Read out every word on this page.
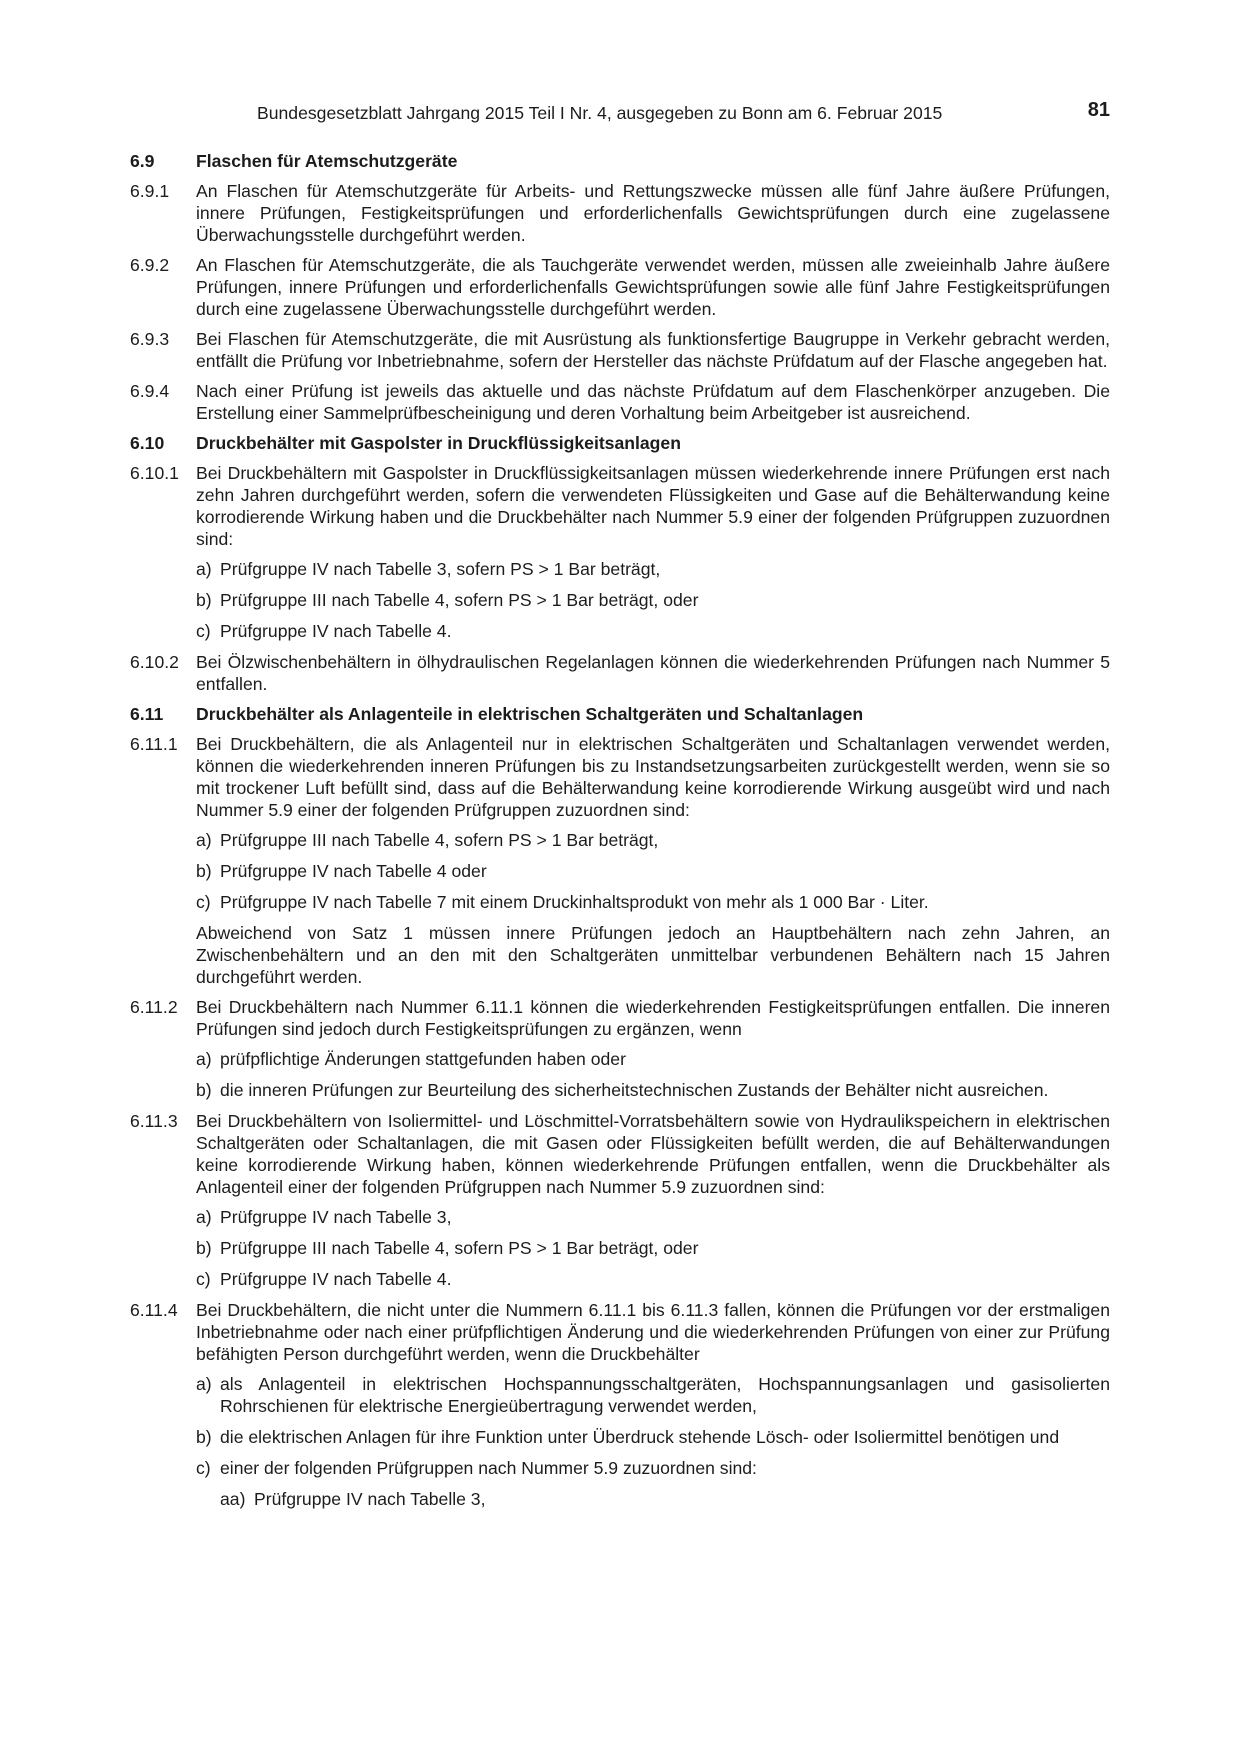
Bundesgesetzblatt Jahrgang 2015 Teil I Nr. 4, ausgegeben zu Bonn am 6. Februar 2015	81
6.9	Flaschen für Atemschutzgeräte
6.9.1	An Flaschen für Atemschutzgeräte für Arbeits- und Rettungszwecke müssen alle fünf Jahre äußere Prüfungen, innere Prüfungen, Festigkeitsprüfungen und erforderlichenfalls Gewichtsprüfungen durch eine zugelassene Überwachungsstelle durchgeführt werden.
6.9.2	An Flaschen für Atemschutzgeräte, die als Tauchgeräte verwendet werden, müssen alle zweieinhalb Jahre äußere Prüfungen, innere Prüfungen und erforderlichenfalls Gewichtsprüfungen sowie alle fünf Jahre Festigkeitsprüfungen durch eine zugelassene Überwachungsstelle durchgeführt werden.
6.9.3	Bei Flaschen für Atemschutzgeräte, die mit Ausrüstung als funktionsfertige Baugruppe in Verkehr gebracht werden, entfällt die Prüfung vor Inbetriebnahme, sofern der Hersteller das nächste Prüfdatum auf der Flasche angegeben hat.
6.9.4	Nach einer Prüfung ist jeweils das aktuelle und das nächste Prüfdatum auf dem Flaschenkörper anzugeben. Die Erstellung einer Sammelprüfbescheinigung und deren Vorhaltung beim Arbeitgeber ist ausreichend.
6.10	Druckbehälter mit Gaspolster in Druckflüssigkeitsanlagen
6.10.1 Bei Druckbehältern mit Gaspolster in Druckflüssigkeitsanlagen müssen wiederkehrende innere Prüfungen erst nach zehn Jahren durchgeführt werden, sofern die verwendeten Flüssigkeiten und Gase auf die Behälterwandung keine korrodierende Wirkung haben und die Druckbehälter nach Nummer 5.9 einer der folgenden Prüfgruppen zuzuordnen sind:
a) Prüfgruppe IV nach Tabelle 3, sofern PS > 1 Bar beträgt,
b) Prüfgruppe III nach Tabelle 4, sofern PS > 1 Bar beträgt, oder
c) Prüfgruppe IV nach Tabelle 4.
6.10.2 Bei Ölzwischenbehältern in ölhydraulischen Regelanlagen können die wiederkehrenden Prüfungen nach Nummer 5 entfallen.
6.11	Druckbehälter als Anlagenteile in elektrischen Schaltgeräten und Schaltanlagen
6.11.1	Bei Druckbehältern, die als Anlagenteil nur in elektrischen Schaltgeräten und Schaltanlagen verwendet werden, können die wiederkehrenden inneren Prüfungen bis zu Instandsetzungsarbeiten zurückgestellt werden, wenn sie so mit trockener Luft befüllt sind, dass auf die Behälterwandung keine korrodierende Wirkung ausgeübt wird und nach Nummer 5.9 einer der folgenden Prüfgruppen zuzuordnen sind:
a) Prüfgruppe III nach Tabelle 4, sofern PS > 1 Bar beträgt,
b) Prüfgruppe IV nach Tabelle 4 oder
c) Prüfgruppe IV nach Tabelle 7 mit einem Druckinhaltsprodukt von mehr als 1 000 Bar · Liter.
Abweichend von Satz 1 müssen innere Prüfungen jedoch an Hauptbehältern nach zehn Jahren, an Zwischenbehältern und an den mit den Schaltgeräten unmittelbar verbundenen Behältern nach 15 Jahren durchgeführt werden.
6.11.2	Bei Druckbehältern nach Nummer 6.11.1 können die wiederkehrenden Festigkeitsprüfungen entfallen. Die inneren Prüfungen sind jedoch durch Festigkeitsprüfungen zu ergänzen, wenn
a) prüfpflichtige Änderungen stattgefunden haben oder
b) die inneren Prüfungen zur Beurteilung des sicherheitstechnischen Zustands der Behälter nicht ausreichen.
6.11.3	Bei Druckbehältern von Isoliermittel- und Löschmittel-Vorratsbehältern sowie von Hydraulikspeichern in elektrischen Schaltgeräten oder Schaltanlagen, die mit Gasen oder Flüssigkeiten befüllt werden, die auf Behälterwandungen keine korrodierende Wirkung haben, können wiederkehrende Prüfungen entfallen, wenn die Druckbehälter als Anlagenteil einer der folgenden Prüfgruppen nach Nummer 5.9 zuzuordnen sind:
a) Prüfgruppe IV nach Tabelle 3,
b) Prüfgruppe III nach Tabelle 4, sofern PS > 1 Bar beträgt, oder
c) Prüfgruppe IV nach Tabelle 4.
6.11.4	Bei Druckbehältern, die nicht unter die Nummern 6.11.1 bis 6.11.3 fallen, können die Prüfungen vor der erstmaligen Inbetriebnahme oder nach einer prüfpflichtigen Änderung und die wiederkehrenden Prüfungen von einer zur Prüfung befähigten Person durchgeführt werden, wenn die Druckbehälter
a) als Anlagenteil in elektrischen Hochspannungsschaltgeräten, Hochspannungsanlagen und gasisolierten Rohrschienen für elektrische Energieübertragung verwendet werden,
b) die elektrischen Anlagen für ihre Funktion unter Überdruck stehende Lösch- oder Isoliermittel benötigen und
c) einer der folgenden Prüfgruppen nach Nummer 5.9 zuzuordnen sind:
aa) Prüfgruppe IV nach Tabelle 3,
